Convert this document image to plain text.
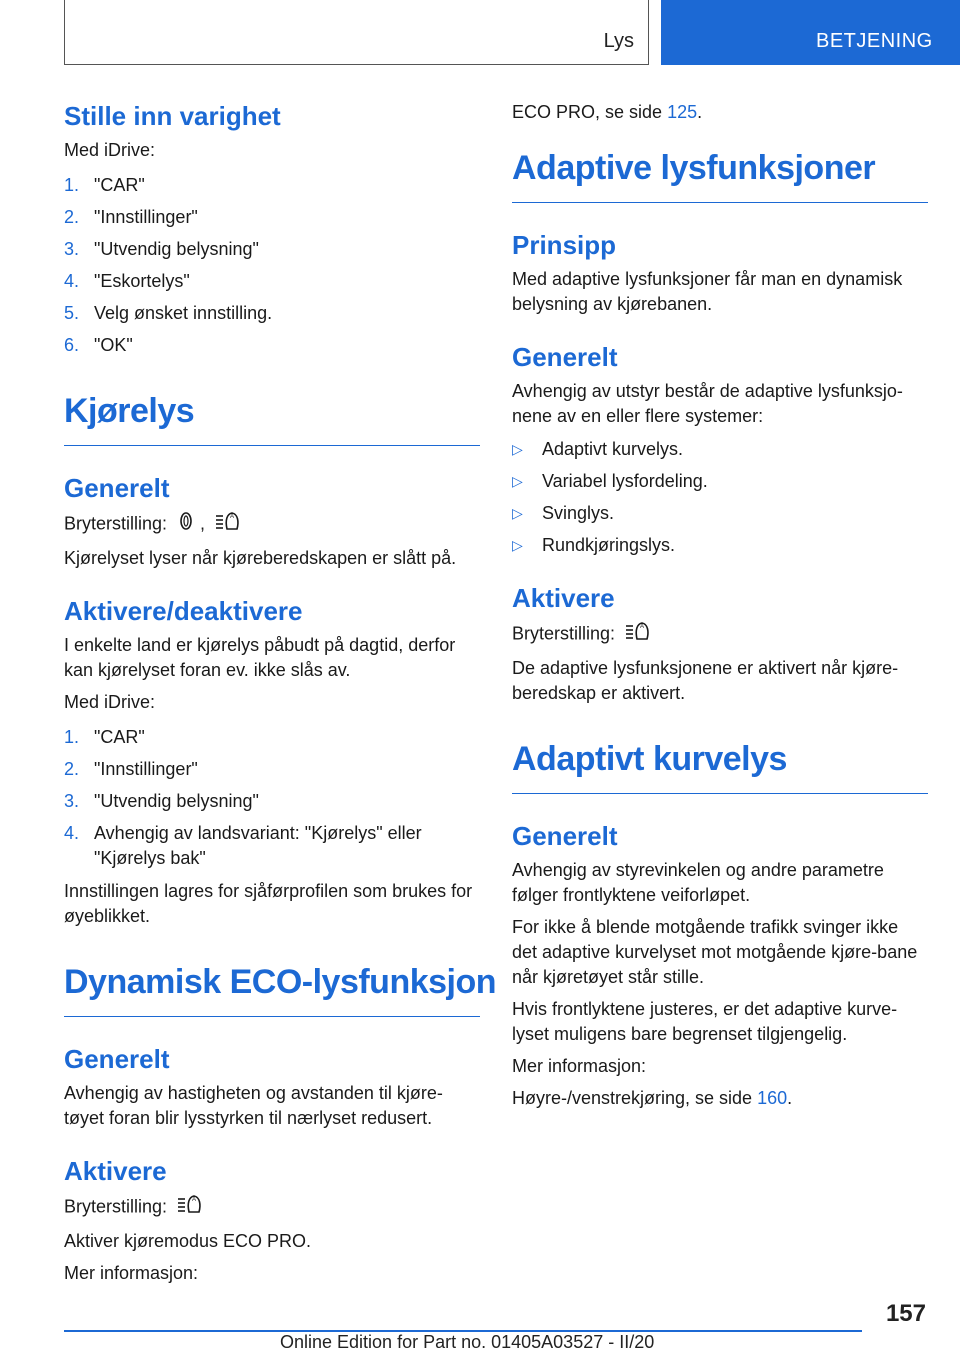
Lys	BETJENING
Stille inn varighet

Med iDrive:

1. "CAR"
2. "Innstillinger"
3. "Utvendig belysning"
4. "Eskortelys"
5. Velg ønsket innstilling.
6. "OK"
Kjørelys
Generelt

Bryterstilling: ,	A

Kjørelyset lyser når kjøreberedskapen er slått på.

Aktivere/deaktivere

I enkelte land er kjørelys påbudt på dagtid, derfor kan kjørelyset foran ev. ikke slås av.

Med iDrive:

1. "CAR"
2. "Innstillinger"
3. "Utvendig belysning"
4. Avhengig av landsvariant: "Kjørelys" eller "Kjørelys bak"

Innstillingen lagres for sjåførprofilen som brukes for øyeblikket.

Dynamisk ECO-lysfunksjon
Generelt

Avhengig av hastigheten og avstanden til kjøre-tøyet foran blir lysstyrken til nærlyset redusert.

Aktivere

Bryterstilling:	A

Aktiver kjøremodus ECO PRO.

Mer informasjon:

ECO PRO, se side 125.

Adaptive lysfunksjoner
Prinsipp

Med adaptive lysfunksjoner får man en dynamisk belysning av kjørebanen.

Generelt

Avhengig av utstyr består de adaptive lysfunksjo-nene av en eller flere systemer:

▷ Adaptivt kurvelys.
▷ Variabel lysfordeling.
▷ Svinglys.
▷ Rundkjøringslys.
Aktivere

Bryterstilling:	A

De adaptive lysfunksjonene er aktivert når kjøre-beredskap er aktivert.

Adaptivt kurvelys
Generelt

Avhengig av styrevinkelen og andre parametre følger frontlyktene veiforløpet.

For ikke å blende motgående trafikk svinger ikke det adaptive kurvelyset mot motgående kjøre-bane når kjøretøyet står stille.

Hvis frontlyktene justeres, er det adaptive kurve-lyset muligens bare begrenset tilgjengelig.

Mer informasjon:

Høyre-/venstrekjøring, se side 160.

157
Online Edition for Part no. 01405A03527 - II/20
